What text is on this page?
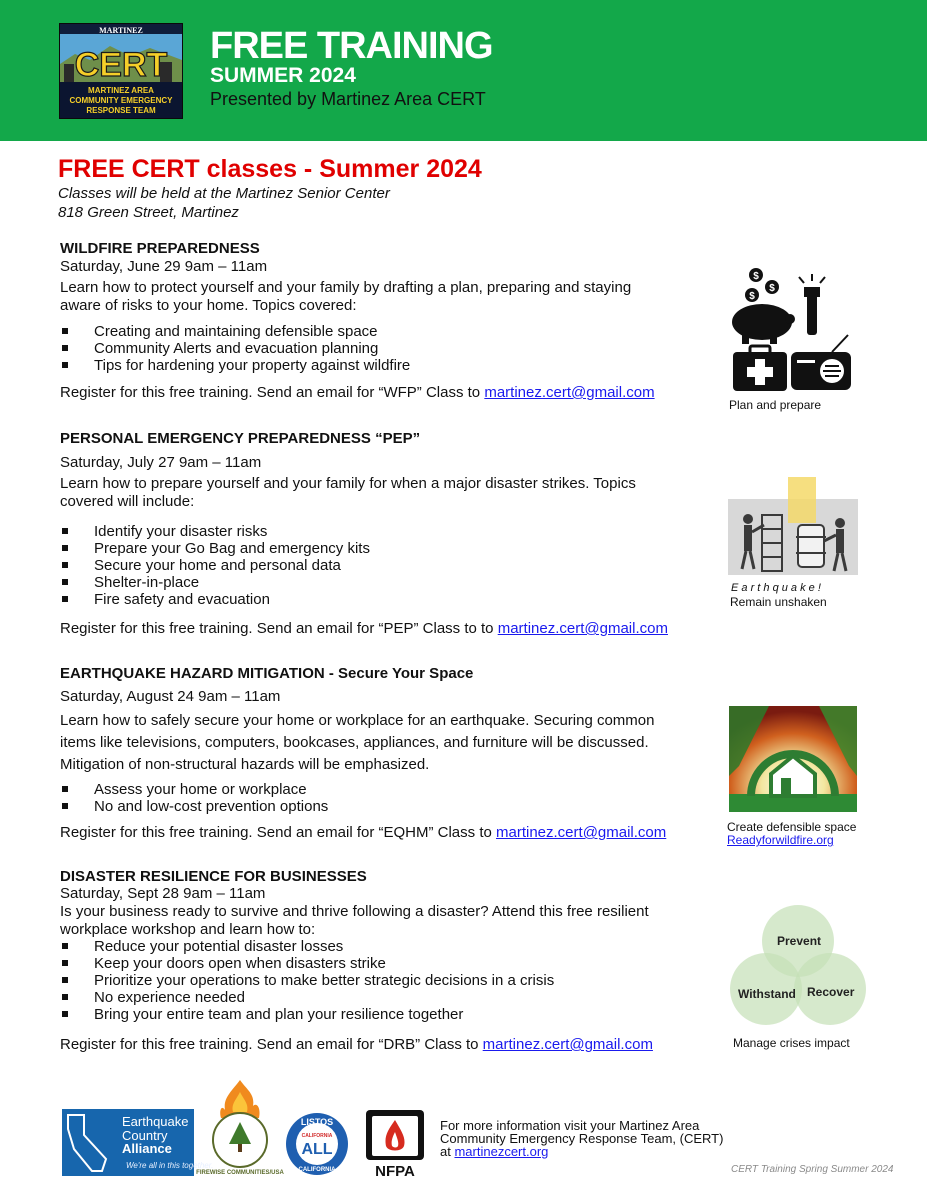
MARTINEZ
CERT
MARTINEZ AREA
COMMUNITY EMERGENCY
RESPONSE TEAM
FREE TRAINING
SUMMER 2024
Presented by Martinez Area CERT
FREE CERT classes - Summer 2024
Classes will be held at the Martinez Senior Center
818 Green Street, Martinez
WILDFIRE PREPAREDNESS
Saturday, June 29 9am – 11am
Learn how to protect yourself and your family by drafting a plan, preparing and staying aware of risks to your home. Topics covered:
Creating and maintaining defensible space
Community Alerts and evacuation planning
Tips for hardening your property against wildfire
Register for this free training. Send an email for “WFP” Class to martinez.cert@gmail.com
PERSONAL EMERGENCY PREPAREDNESS “PEP”
Saturday, July 27 9am – 11am
Learn how to prepare yourself and your family for when a major disaster strikes. Topics covered will include:
Identify your disaster risks
Prepare your Go Bag and emergency kits
Secure your home and personal data
Shelter-in-place
Fire safety and evacuation
Register for this free training. Send an email for “PEP” Class to to martinez.cert@gmail.com
EARTHQUAKE HAZARD MITIGATION - Secure Your Space
Saturday, August 24 9am – 11am
Learn how to safely secure your home or workplace for an earthquake. Securing common items like televisions, computers, bookcases, appliances, and furniture will be discussed. Mitigation of non-structural hazards will be emphasized.
Assess your home or workplace
No and low-cost prevention options
Register for this free training. Send an email for “EQHM” Class to martinez.cert@gmail.com
DISASTER RESILIENCE FOR BUSINESSES
Saturday, Sept 28 9am – 11am
Is your business ready to survive and thrive following a disaster? Attend this free resilient workplace workshop and learn how to:
Reduce your potential disaster losses
Keep your doors open when disasters strike
Prioritize your operations to make better strategic decisions in a crisis
No experience needed
Bring your entire team and plan your resilience together
Register for this free training. Send an email for “DRB” Class to martinez.cert@gmail.com
$
$
$
Plan and prepare
E a r t h q u a k e !
Remain unshaken
Create defensible space
Readyforwildfire.org
Prevent
Withstand Recover
Manage crises impact
Earthquake
Country
Alliance
We're all in this together.
FIREWISE COMMUNITIES/USA
LISTOS
CALIFORNIA
ALL
CALIFORNIA	NFPA
For more information visit your Martinez Area
Community Emergency Response Team, (CERT)
at martinezcert.org
CERT Training Spring Summer 2024
